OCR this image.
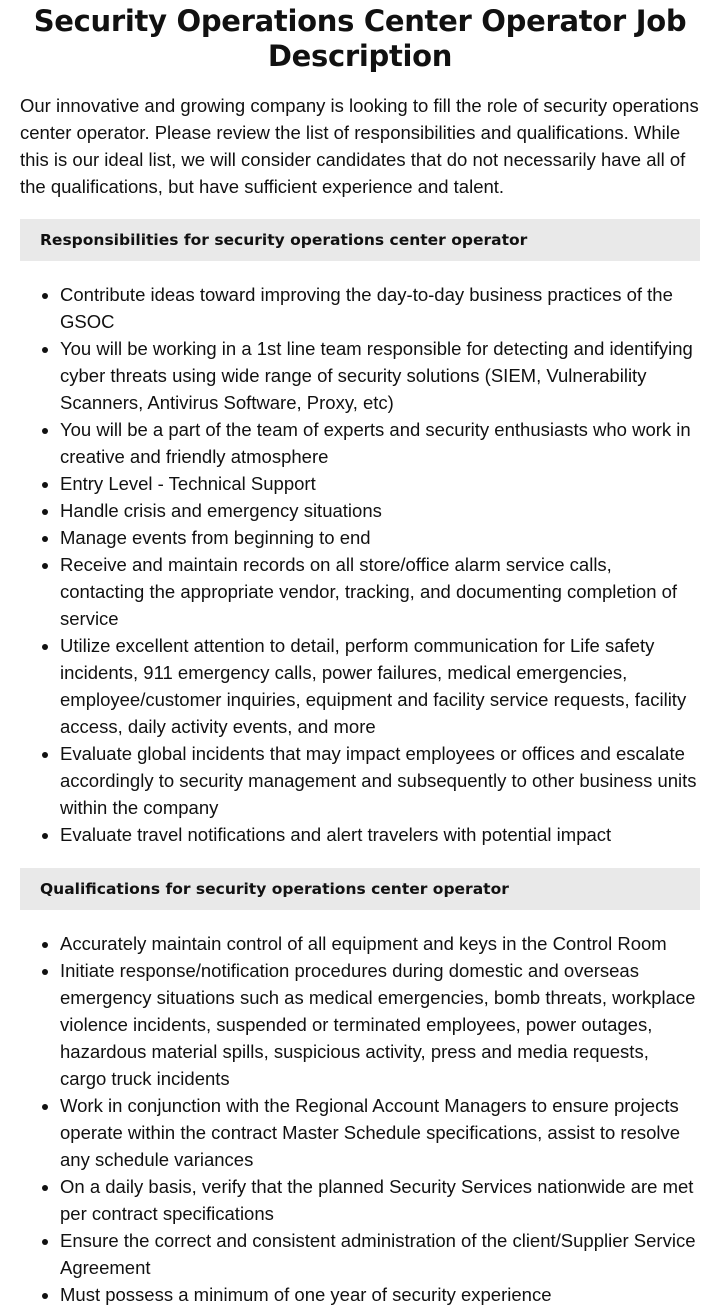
Security Operations Center Operator Job Description

Our innovative and growing company is looking to fill the role of security operations center operator. Please review the list of responsibilities and qualifications. While this is our ideal list, we will consider candidates that do not necessarily have all of the qualifications, but have sufficient experience and talent.

Responsibilities for security operations center operator
• Contribute ideas toward improving the day-to-day business practices of the GSOC
• You will be working in a 1st line team responsible for detecting and identifying cyber threats using wide range of security solutions (SIEM, Vulnerability Scanners, Antivirus Software, Proxy, etc)
• You will be a part of the team of experts and security enthusiasts who work in creative and friendly atmosphere
• Entry Level - Technical Support
• Handle crisis and emergency situations
• Manage events from beginning to end
• Receive and maintain records on all store/office alarm service calls, contacting the appropriate vendor, tracking, and documenting completion of service
• Utilize excellent attention to detail, perform communication for Life safety incidents, 911 emergency calls, power failures, medical emergencies, employee/customer inquiries, equipment and facility service requests, facility access, daily activity events, and more
• Evaluate global incidents that may impact employees or offices and escalate accordingly to security management and subsequently to other business units within the company
• Evaluate travel notifications and alert travelers with potential impact
Qualifications for security operations center operator
• Accurately maintain control of all equipment and keys in the Control Room
• Initiate response/notification procedures during domestic and overseas emergency situations such as medical emergencies, bomb threats, workplace violence incidents, suspended or terminated employees, power outages, hazardous material spills, suspicious activity, press and media requests, cargo truck incidents
• Work in conjunction with the Regional Account Managers to ensure projects operate within the contract Master Schedule specifications, assist to resolve any schedule variances
• On a daily basis, verify that the planned Security Services nationwide are met per contract specifications
• Ensure the correct and consistent administration of the client/Supplier Service Agreement
• Must possess a minimum of one year of security experience
